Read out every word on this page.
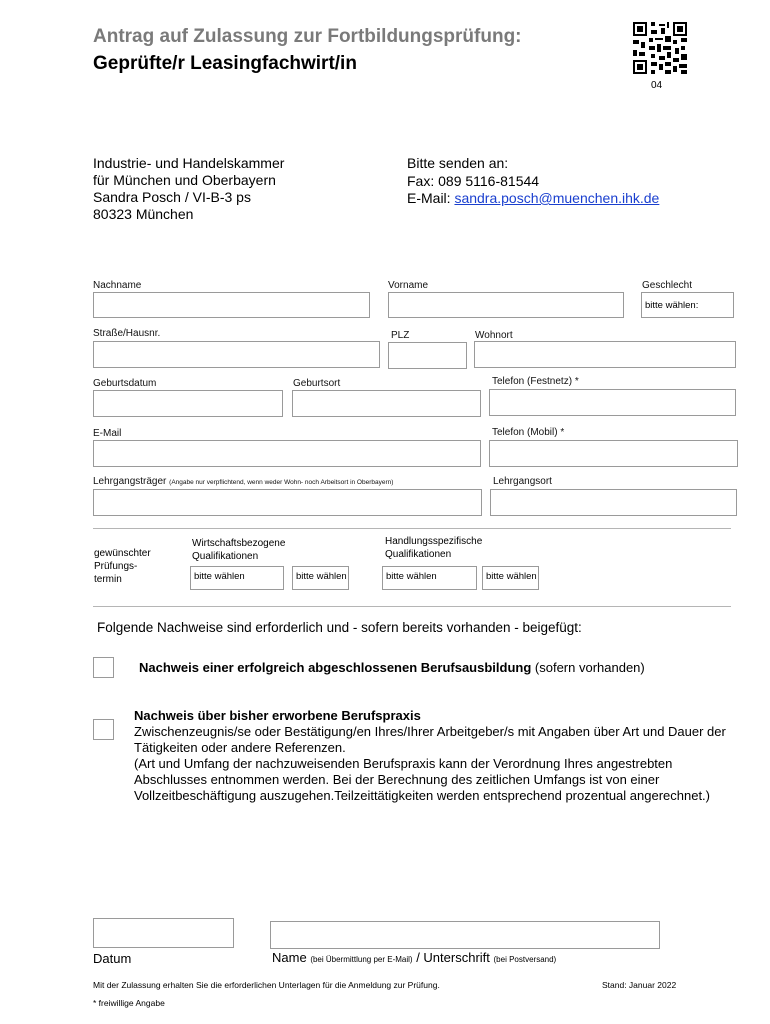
Antrag auf Zulassung zur Fortbildungsprüfung:
Geprüfte/r Leasingfachwirt/in
04
Industrie- und Handelskammer
für München und Oberbayern
Sandra Posch / VI-B-3 ps
80323 München
Bitte senden an:
Fax: 089 5116-81544
E-Mail: sandra.posch@muenchen.ihk.de
Nachname	Vorname	Geschlecht
bitte wählen:
Straße/Hausnr.	PLZ	Wohnort
Geburtsdatum	Geburtsort	Telefon (Festnetz) *
E-Mail	Telefon (Mobil) *
Lehrgangsträger (Angabe nur verpflichtend, wenn weder Wohn- noch Arbeitsort in Oberbayern)	Lehrgangsort
gewünschter
Prüfungs-
termin
Wirtschaftsbezogene
Qualifikationen
Handlungsspezifische
Qualifikationen
bitte wählen	bitte wählen	bitte wählen	bitte wählen
Folgende Nachweise sind erforderlich und - sofern bereits vorhanden - beigefügt:
Nachweis einer erfolgreich abgeschlossenen Berufsausbildung (sofern vorhanden)
Nachweis über bisher erworbene Berufspraxis
Zwischenzeugnis/se oder Bestätigung/en Ihres/Ihrer Arbeitgeber/s mit Angaben über Art und Dauer der Tätigkeiten oder andere Referenzen.
(Art und Umfang der nachzuweisenden Berufspraxis kann der Verordnung Ihres angestrebten Abschlusses entnommen werden. Bei der Berechnung des zeitlichen Umfangs ist von einer Vollzeitbeschäftigung auszugehen.Teilzeittätigkeiten werden entsprechend prozentual angerechnet.)
Datum	Name (bei Übermittlung per E-Mail) / Unterschrift (bei Postversand)
Mit der Zulassung erhalten Sie die erforderlichen Unterlagen für die Anmeldung zur Prüfung.	Stand: Januar 2022
* freiwillige Angabe
